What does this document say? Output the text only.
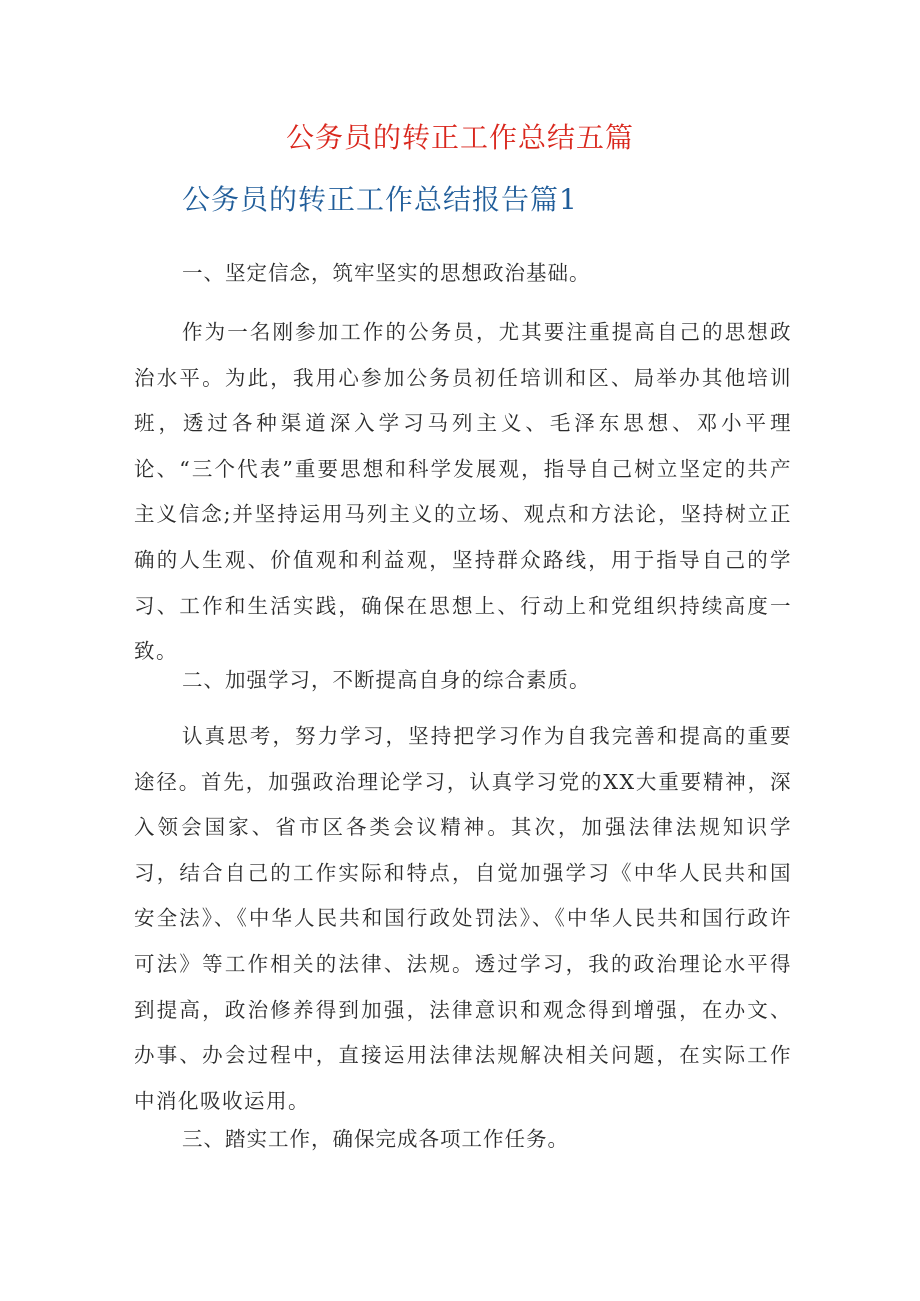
公务员的转正工作总结五篇
公务员的转正工作总结报告篇1

一、坚定信念，筑牢坚实的思想政治基础。

作为一名刚参加工作的公务员，尤其要注重提高自己的思想政治水平。为此，我用心参加公务员初任培训和区、局举办其他培训班，透过各种渠道深入学习马列主义、毛泽东思想、邓小平理论、“三个代表”重要思想和科学发展观，指导自己树立坚定的共产主义信念;并坚持运用马列主义的立场、观点和方法论，坚持树立正确的人生观、价值观和利益观，坚持群众路线，用于指导自己的学习、工作和生活实践，确保在思想上、行动上和党组织持续高度一致。

二、加强学习，不断提高自身的综合素质。

认真思考，努力学习，坚持把学习作为自我完善和提高的重要途径。首先，加强政治理论学习，认真学习党的XX大重要精神，深入领会国家、省市区各类会议精神。其次，加强法律法规知识学习，结合自己的工作实际和特点，自觉加强学习《中华人民共和国安全法》、《中华人民共和国行政处罚法》、《中华人民共和国行政许可法》等工作相关的法律、法规。透过学习，我的政治理论水平得到提高，政治修养得到加强，法律意识和观念得到增强，在办文、办事、办会过程中，直接运用法律法规解决相关问题，在实际工作中消化吸收运用。

三、踏实工作，确保完成各项工作任务。
